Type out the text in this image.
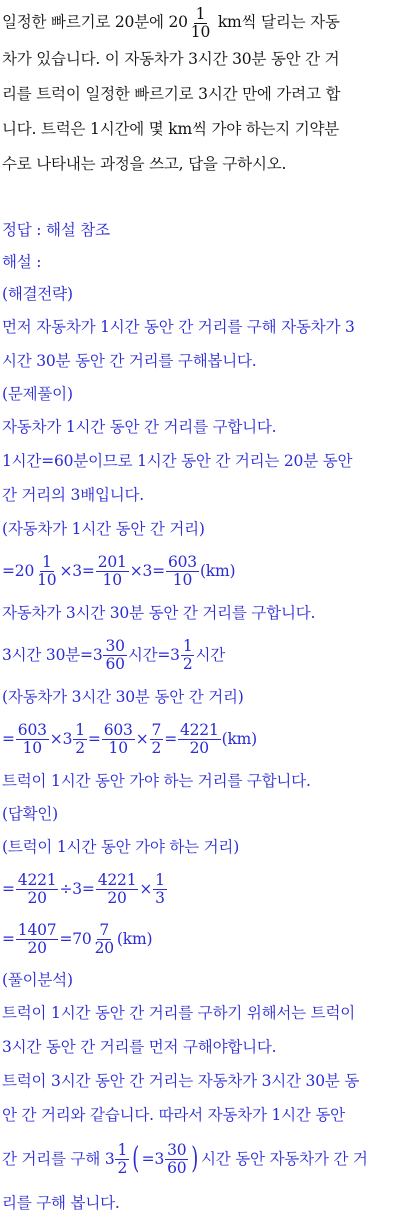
일정한 빠르기로 20분에 $20 \frac{1}{10}$ km씩 달리는 자동
차가 있습니다. 이 자동차가 3시간 30분 동안 간 거
리를 트럭이 일정한 빠르기로 3시간 만에 가려고 합
니다. 트럭은 1시간에 몇 km씩 가야 하는지 기약분
수로 나타내는 과정을 쓰고, 답을 구하시오.
정답 : 해설 참조
해설 :
(해결전략)
먼저 자동차가 1시간 동안 간 거리를 구해 자동차가 3
시간 30분 동안 간 거리를 구해봅니다.
(문제풀이)
자동차가 1시간 동안 간 거리를 구합니다.
1시간=60분이므로 1시간 동안 간 거리는 20분 동안
간 거리의 3배입니다.
(자동차가 1시간 동안 간 거리)
$=20 \frac{1}{10} \times 3= \frac{201}{10} \times 3= \frac{603}{10} (km)$
자동차가 3시간 30분 동안 간 거리를 구합니다.
3시간 30분$=3 \frac{30}{60}$ 시간$=3 \frac{1}{2}$ 시간
(자동차가 3시간 30분 동안 간 거리)
= $\frac{603}{10} \times 3 \frac{1}{2} = \frac{603}{10} \times \frac{7}{2} = \frac{4221}{20} (km)$
트럭이 1시간 동안 가야 하는 거리를 구합니다.
(답확인)
(트럭이 1시간 동안 가야 하는 거리)
= $\frac{4221}{20} \div 3= \frac{4221}{20} \times \frac{1}{3}$
= $\frac{1407}{20} =70 \frac{7}{20} (km)$
(풀이분석)
트럭이 1시간 동안 간 거리를 구하기 위해서는 트럭이
3시간 동안 간 거리를 먼저 구해야합니다.
트럭이 3시간 동안 간 거리는 자동차가 3시간 30분 동
안 간 거리와 같습니다. 따라서 자동차가 1시간 동안
간 거리를 구해 $3 \frac{1}{2}$ ( $=3 \frac{30}{60}$ ) 시간 동안 자동차가 간 거
리를 구해 봅니다.
